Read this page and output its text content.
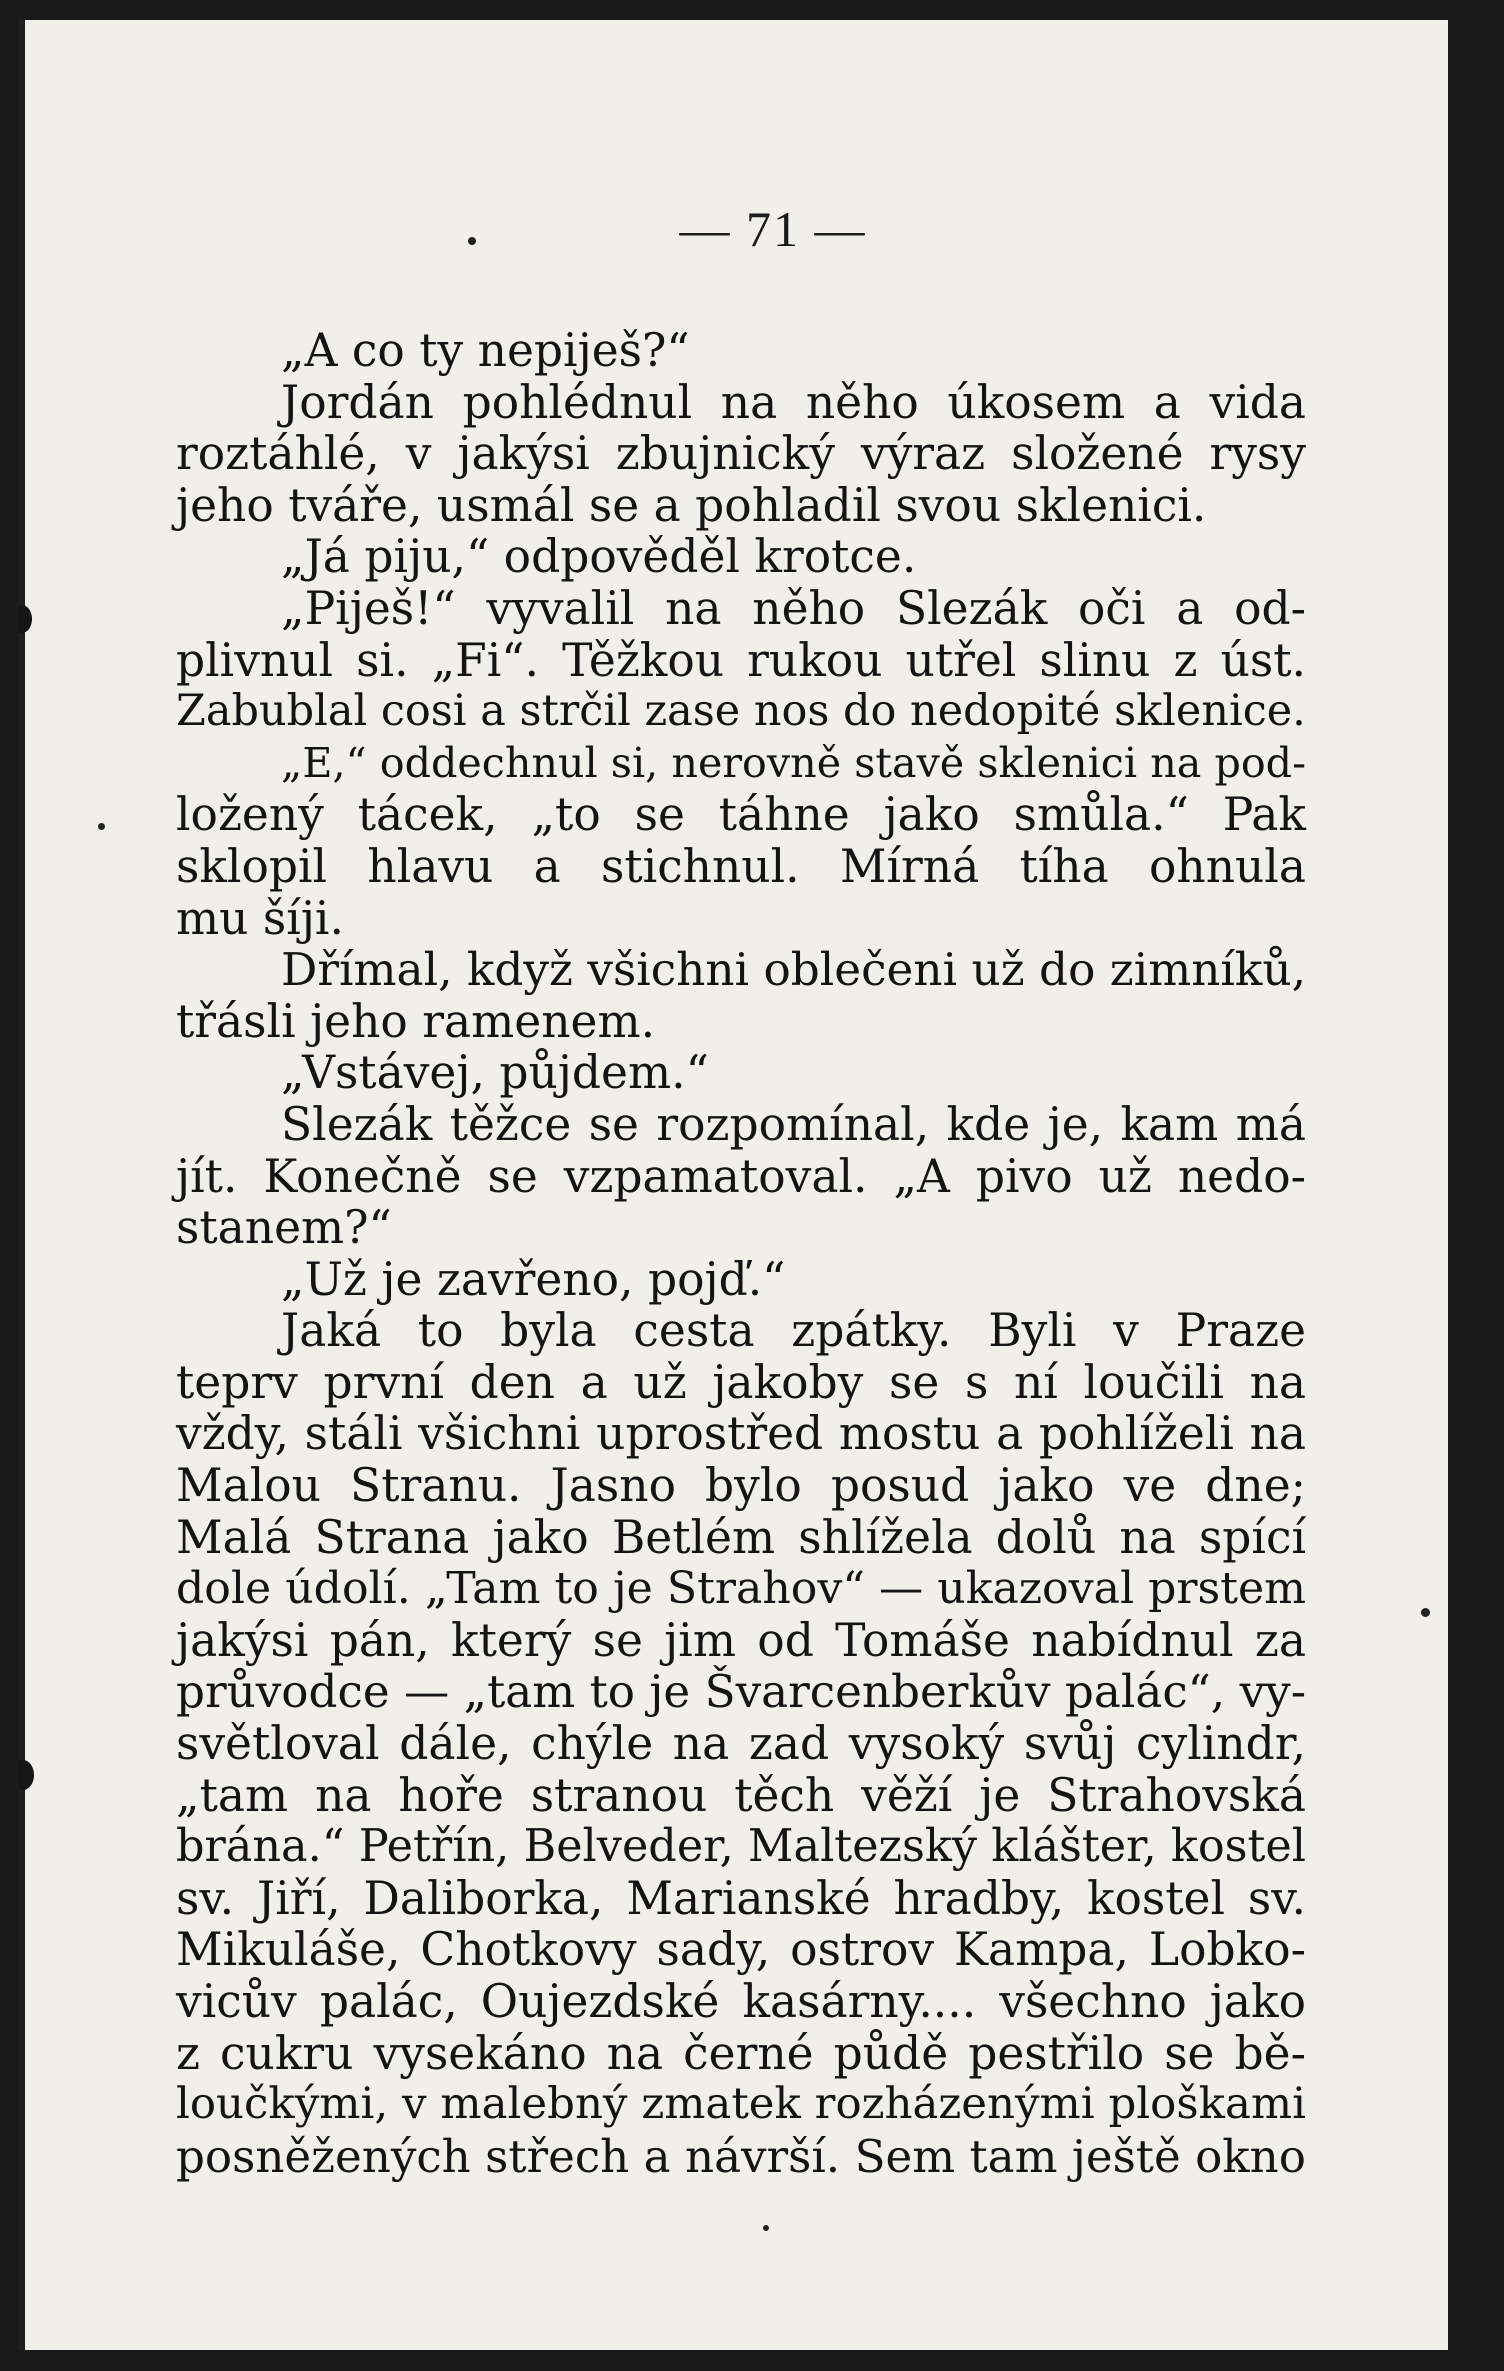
— 71 —
„A co ty nepiješ?“
Jordán pohlédnul na něho úkosem a vida
roztáhlé, v jakýsi zbujnický výraz složené rysy
jeho tváře, usmál se a pohladil svou sklenici.
„Já piju,“ odpověděl krotce.
„Piješ!“ vyvalil na něho Slezák oči a od-
plivnul si. „Fi“. Těžkou rukou utřel slinu z úst.
Zabublal cosi a strčil zase nos do nedopité sklenice.
„E,“ oddechnul si, nerovně stavě sklenici na pod-
ložený tácek, „to se táhne jako smůla.“ Pak
sklopil hlavu a stichnul. Mírná tíha ohnula
mu šíji.
Dřímal, když všichni oblečeni už do zimníků,
třásli jeho ramenem.
„Vstávej, půjdem.“
Slezák těžce se rozpomínal, kde je, kam má
jít. Konečně se vzpamatoval. „A pivo už nedo-
stanem?“
„Už je zavřeno, pojď.“
Jaká to byla cesta zpátky. Byli v Praze
teprv první den a už jakoby se s ní loučili na
vždy, stáli všichni uprostřed mostu a pohlíželi na
Malou Stranu. Jasno bylo posud jako ve dne;
Malá Strana jako Betlém shlížela dolů na spící
dole údolí. „Tam to je Strahov“ — ukazoval prstem
jakýsi pán, který se jim od Tomáše nabídnul za
průvodce — „tam to je Švarcenberkův palác“, vy-
světloval dále, chýle na zad vysoký svůj cylindr,
„tam na hoře stranou těch věží je Strahovská
brána.“ Petřín, Belveder, Maltezský klášter, kostel
sv. Jiří, Daliborka, Marianské hradby, kostel sv.
Mikuláše, Chotkovy sady, ostrov Kampa, Lobko-
vicův palác, Oujezdské kasárny.... všechno jako
z cukru vysekáno na černé půdě pestřilo se bě-
loučkými, v malebný zmatek rozházenými ploškami
posněžených střech a návrší. Sem tam ještě okno
